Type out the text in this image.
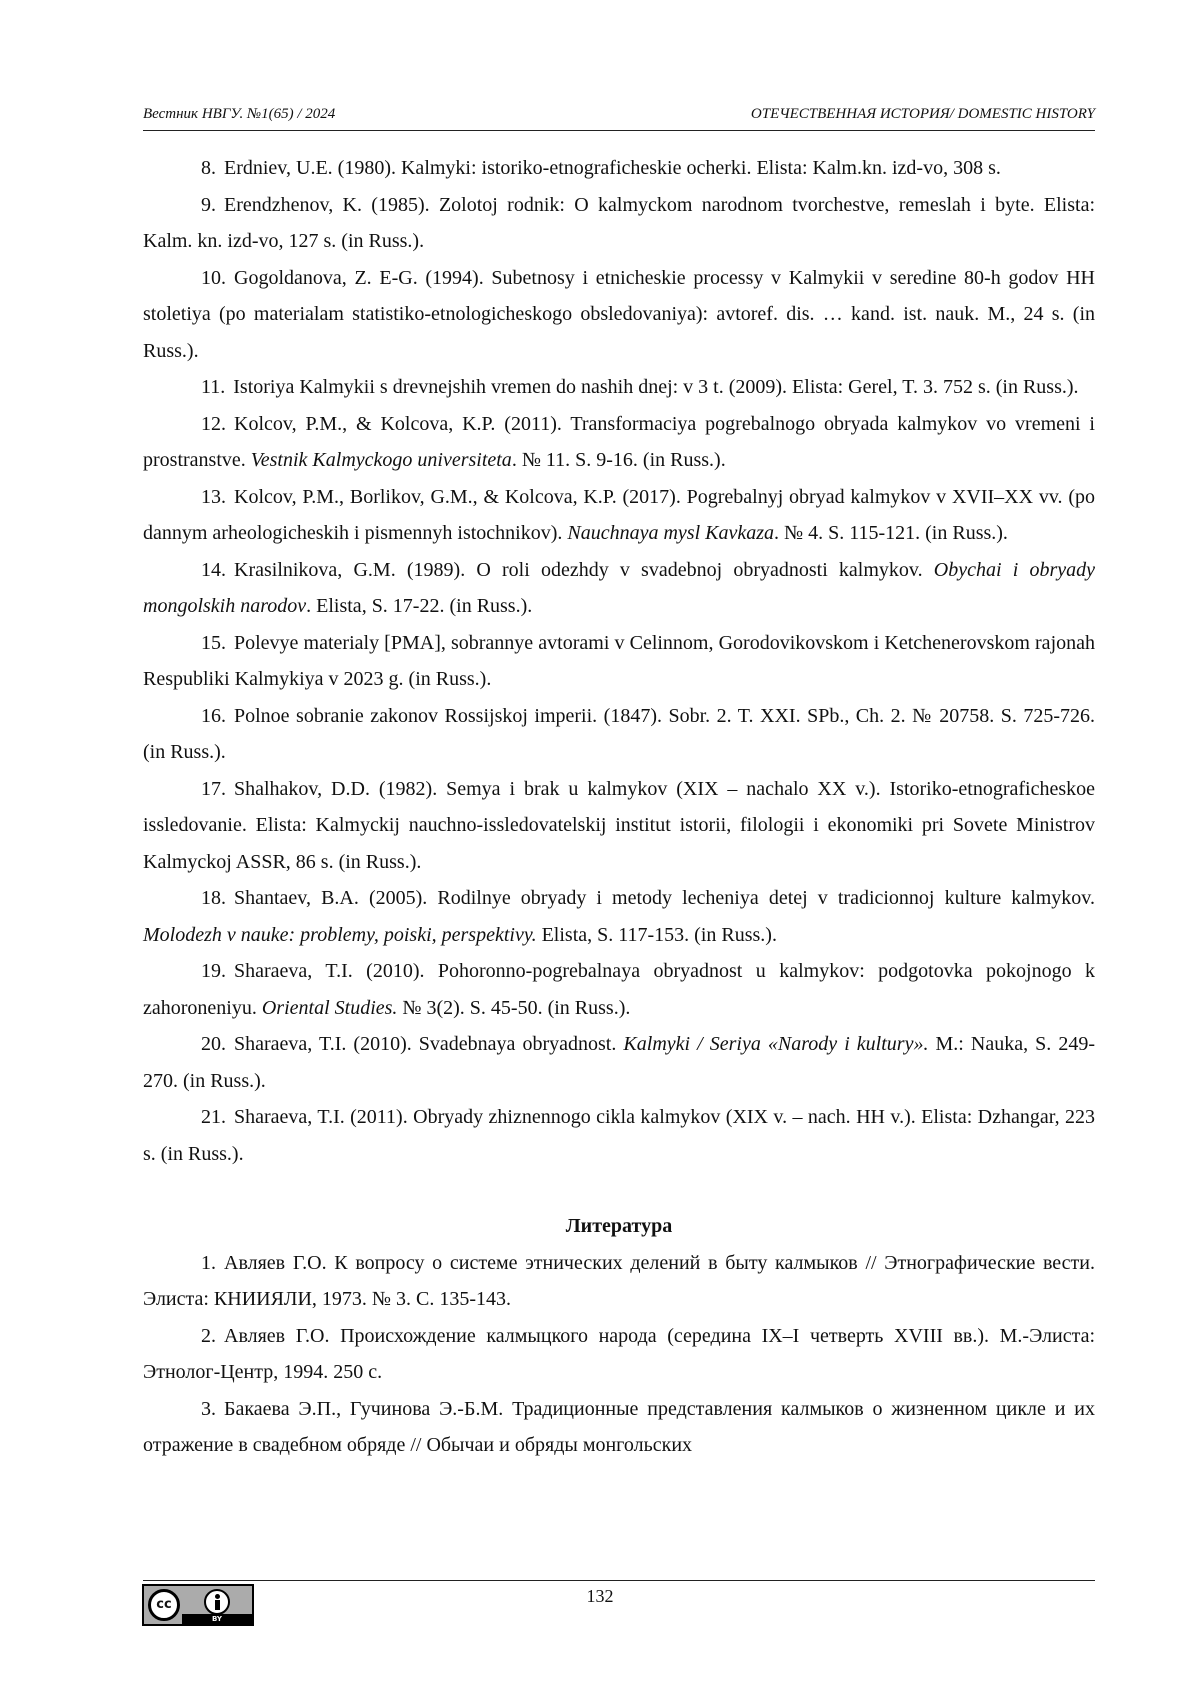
Вестник НВГУ. №1(65) / 2024	ОТЕЧЕСТВЕННАЯ ИСТОРИЯ/ DOMESTIC HISTORY

8. Erdniev, U.E. (1980). Kalmyki: istoriko-etnograficheskie ocherki. Elista: Kalm.kn. izd-vo, 308 s.

9. Erendzhenov, K. (1985). Zolotoj rodnik: O kalmyckom narodnom tvorchestve, remeslah i byte. Elista: Kalm. kn. izd-vo, 127 s. (in Russ.).

10. Gogoldanova, Z. E-G. (1994). Subetnosy i etnicheskie processy v Kalmykii v seredine 80-h godov HH stoletiya (po materialam statistiko-etnologicheskogo obsledovaniya): avtoref. dis. … kand. ist. nauk. M., 24 s. (in Russ.).

11. Istoriya Kalmykii s drevnejshih vremen do nashih dnej: v 3 t. (2009). Elista: Gerel, T. 3. 752 s. (in Russ.).

12. Kolcov, P.M., & Kolcova, K.P. (2011). Transformaciya pogrebalnogo obryada kalmykov vo vremeni i prostranstve. Vestnik Kalmyckogo universiteta. № 11. S. 9-16. (in Russ.).

13. Kolcov, P.M., Borlikov, G.M., & Kolcova, K.P. (2017). Pogrebalnyj obryad kalmykov v XVII–XX vv. (po dannym arheologicheskih i pismennyh istochnikov). Nauchnaya mysl Kavkaza. № 4. S. 115-121. (in Russ.).

14. Krasilnikova, G.M. (1989). O roli odezhdy v svadebnoj obryadnosti kalmykov. Obychai i obryady mongolskih narodov. Elista, S. 17-22. (in Russ.).

15. Polevye materialy [PMA], sobrannye avtorami v Celinnom, Gorodovikovskom i Ketchenerovskom rajonah Respubliki Kalmykiya v 2023 g. (in Russ.).

16. Polnoe sobranie zakonov Rossijskoj imperii. (1847). Sobr. 2. T. XXI. SPb., Ch. 2. № 20758. S. 725-726. (in Russ.).

17. Shalhakov, D.D. (1982). Semya i brak u kalmykov (XIX – nachalo XX v.). Istoriko-etnograficheskoe issledovanie. Elista: Kalmyckij nauchno-issledovatelskij institut istorii, filologii i ekonomiki pri Sovete Ministrov Kalmyckoj ASSR, 86 s. (in Russ.).

18. Shantaev, B.A. (2005). Rodilnye obryady i metody lecheniya detej v tradicionnoj kulture kalmykov. Molodezh v nauke: problemy, poiski, perspektivy. Elista, S. 117-153. (in Russ.).

19. Sharaeva, T.I. (2010). Pohoronno-pogrebalnaya obryadnost u kalmykov: podgotovka pokojnogo k zahoroneniyu. Oriental Studies. № 3(2). S. 45-50. (in Russ.).

20. Sharaeva, T.I. (2010). Svadebnaya obryadnost. Kalmyki / Seriya «Narody i kultury». M.: Nauka, S. 249-270. (in Russ.).

21. Sharaeva, T.I. (2011). Obryady zhiznennogo cikla kalmykov (XIX v. – nach. HH v.). Elista: Dzhangar, 223 s. (in Russ.).

Литература

1. Авляев Г.О. К вопросу о системе этнических делений в быту калмыков // Этнографические вести. Элиста: КНИИЯЛИ, 1973. № 3. С. 135-143.

2. Авляев Г.О. Происхождение калмыцкого народа (середина IX–I четверть XVIII вв.). М.-Элиста: Этнолог-Центр, 1994. 250 с.

3. Бакаева Э.П., Гучинова Э.-Б.М. Традиционные представления калмыков о жизненном цикле и их отражение в свадебном обряде // Обычаи и обряды монгольских

cc
BY
132
